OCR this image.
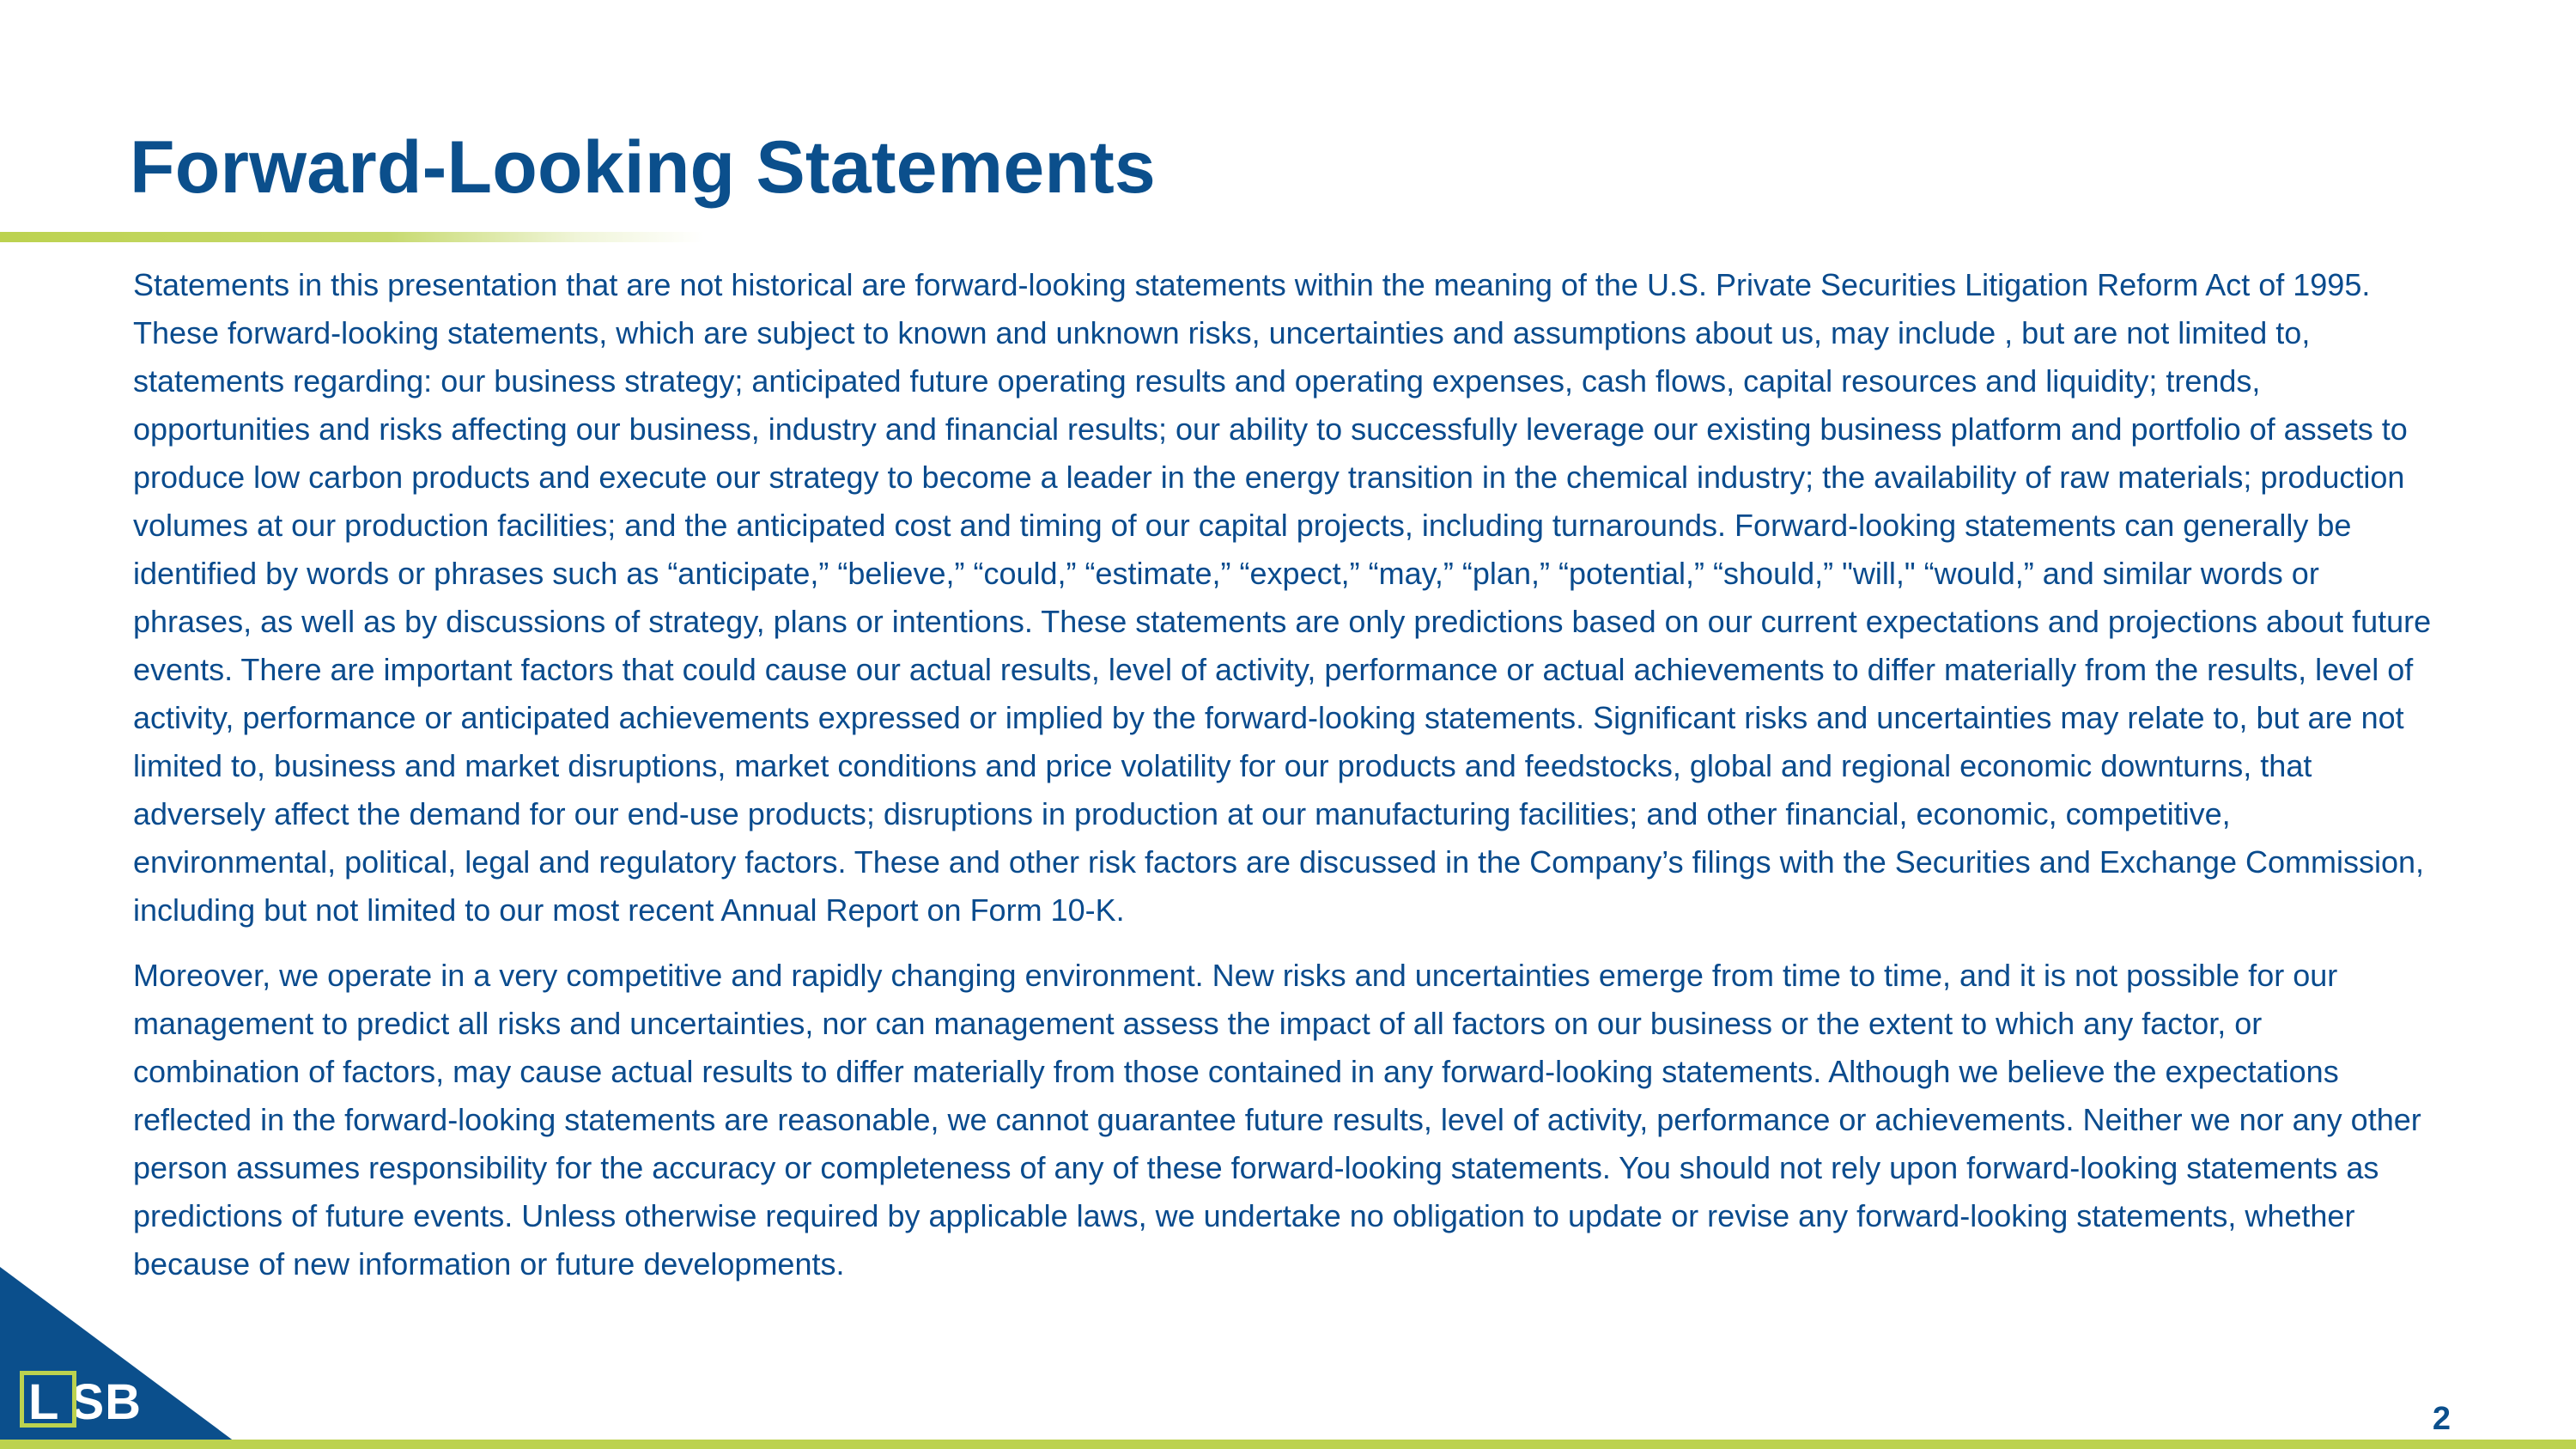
Forward-Looking Statements

Statements in this presentation that are not historical are forward-looking statements within the meaning of the U.S. Private Securities Litigation Reform Act of 1995. These forward-looking statements, which are subject to known and unknown risks, uncertainties and assumptions about us, may include , but are not limited to, statements regarding: our business strategy; anticipated future operating results and operating expenses, cash flows, capital resources and liquidity; trends, opportunities and risks affecting our business, industry and financial results; our ability to successfully leverage our existing business platform and portfolio of assets to produce low carbon products and execute our strategy to become a leader in the energy transition in the chemical industry; the availability of raw materials; production volumes at our production facilities; and the anticipated cost and timing of our capital projects, including turnarounds. Forward-looking statements can generally be identified by words or phrases such as “anticipate,” “believe,” “could,” “estimate,” “expect,” “may,” “plan,” “potential,” “should,” "will," “would,” and similar words or phrases, as well as by discussions of strategy, plans or intentions. These statements are only predictions based on our current expectations and projections about future events. There are important factors that could cause our actual results, level of activity, performance or actual achievements to differ materially from the results, level of activity, performance or anticipated achievements expressed or implied by the forward-looking statements. Significant risks and uncertainties may relate to, but are not limited to, business and market disruptions, market conditions and price volatility for our products and feedstocks, global and regional economic downturns, that adversely affect the demand for our end-use products; disruptions in production at our manufacturing facilities; and other financial, economic, competitive, environmental, political, legal and regulatory factors. These and other risk factors are discussed in the Company’s filings with the Securities and Exchange Commission, including but not limited to our most recent Annual Report on Form 10-K.

Moreover, we operate in a very competitive and rapidly changing environment. New risks and uncertainties emerge from time to time, and it is not possible for our management to predict all risks and uncertainties, nor can management assess the impact of all factors on our business or the extent to which any factor, or combination of factors, may cause actual results to differ materially from those contained in any forward-looking statements. Although we believe the expectations reflected in the forward-looking statements are reasonable, we cannot guarantee future results, level of activity, performance or achievements. Neither we nor any other person assumes responsibility for the accuracy or completeness of any of these forward-looking statements. You should not rely upon forward-looking statements as predictions of future events. Unless otherwise required by applicable laws, we undertake no obligation to update or revise any forward-looking statements, whether because of new information or future developments.

L SB	2
